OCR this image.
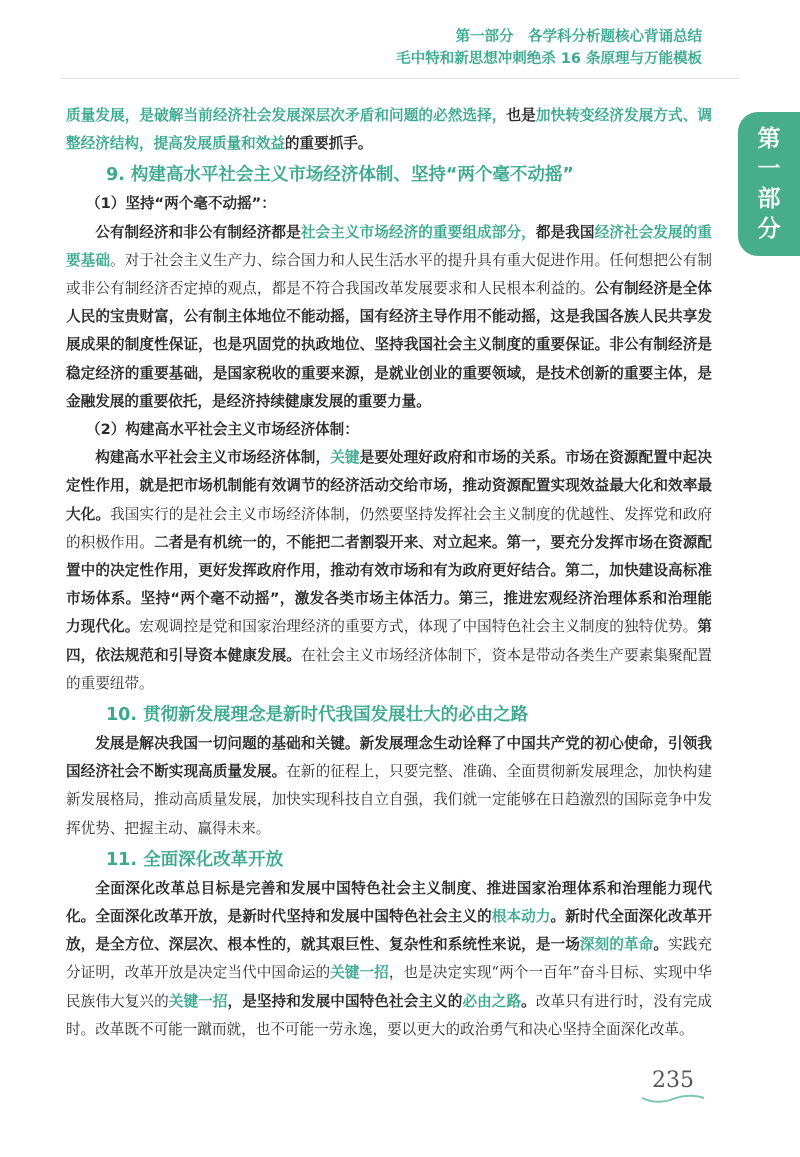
第一部分　各学科分析题核心背诵总结
毛中特和新思想冲刺绝杀 16 条原理与万能模板
第
一
部
分

质量发展，是破解当前经济社会发展深层次矛盾和问题的必然选择，也是加快转变经济发展方式、调整经济结构，提高发展质量和效益的重要抓手。

9. 构建高水平社会主义市场经济体制、坚持“两个毫不动摇”

（1）坚持“两个毫不动摇”：

公有制经济和非公有制经济都是社会主义市场经济的重要组成部分，都是我国经济社会发展的重要基础。对于社会主义生产力、综合国力和人民生活水平的提升具有重大促进作用。任何想把公有制或非公有制经济否定掉的观点，都是不符合我国改革发展要求和人民根本利益的。公有制经济是全体人民的宝贵财富，公有制主体地位不能动摇，国有经济主导作用不能动摇，这是我国各族人民共享发展成果的制度性保证，也是巩固党的执政地位、坚持我国社会主义制度的重要保证。非公有制经济是稳定经济的重要基础，是国家税收的重要来源，是就业创业的重要领域，是技术创新的重要主体，是金融发展的重要依托，是经济持续健康发展的重要力量。

（2）构建高水平社会主义市场经济体制：

构建高水平社会主义市场经济体制，关键是要处理好政府和市场的关系。市场在资源配置中起决定性作用，就是把市场机制能有效调节的经济活动交给市场，推动资源配置实现效益最大化和效率最大化。我国实行的是社会主义市场经济体制，仍然要坚持发挥社会主义制度的优越性、发挥党和政府的积极作用。二者是有机统一的，不能把二者割裂开来、对立起来。第一，要充分发挥市场在资源配置中的决定性作用，更好发挥政府作用，推动有效市场和有为政府更好结合。第二，加快建设高标准市场体系。坚持“两个毫不动摇”，激发各类市场主体活力。第三，推进宏观经济治理体系和治理能力现代化。宏观调控是党和国家治理经济的重要方式，体现了中国特色社会主义制度的独特优势。第四，依法规范和引导资本健康发展。在社会主义市场经济体制下，资本是带动各类生产要素集聚配置的重要纽带。

10. 贯彻新发展理念是新时代我国发展壮大的必由之路

发展是解决我国一切问题的基础和关键。新发展理念生动诠释了中国共产党的初心使命，引领我国经济社会不断实现高质量发展。在新的征程上，只要完整、准确、全面贯彻新发展理念，加快构建新发展格局，推动高质量发展，加快实现科技自立自强，我们就一定能够在日趋激烈的国际竞争中发挥优势、把握主动、赢得未来。

11. 全面深化改革开放

全面深化改革总目标是完善和发展中国特色社会主义制度、推进国家治理体系和治理能力现代化。全面深化改革开放，是新时代坚持和发展中国特色社会主义的根本动力。新时代全面深化改革开放，是全方位、深层次、根本性的，就其艰巨性、复杂性和系统性来说，是一场深刻的革命。实践充分证明，改革开放是决定当代中国命运的关键一招，也是决定实现“两个一百年”奋斗目标、实现中华民族伟大复兴的关键一招，是坚持和发展中国特色社会主义的必由之路。改革只有进行时，没有完成时。改革既不可能一蹴而就，也不可能一劳永逸，要以更大的政治勇气和决心坚持全面深化改革。

235
